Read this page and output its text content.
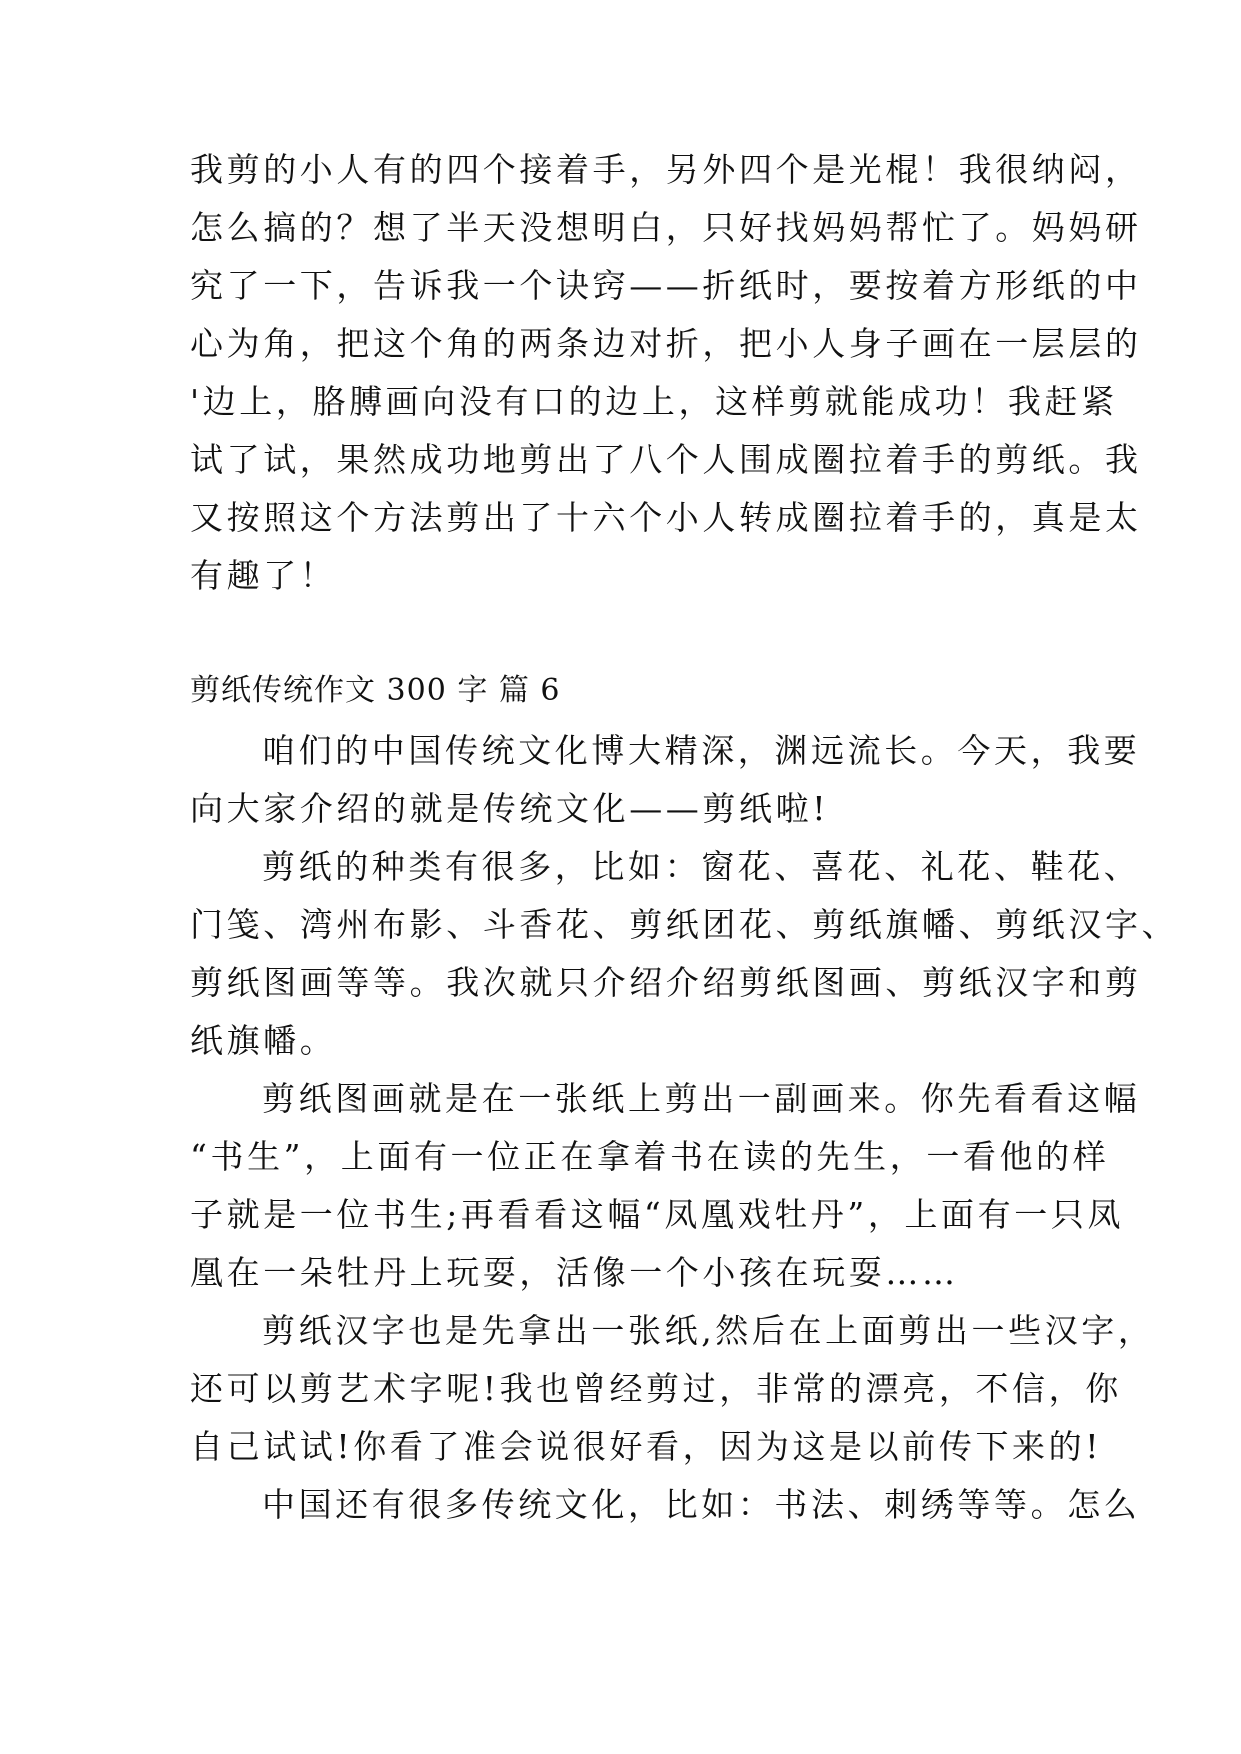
我剪的小人有的四个接着手，另外四个是光棍！我很纳闷，
怎么搞的？想了半天没想明白，只好找妈妈帮忙了。妈妈研
究了一下，告诉我一个诀窍——折纸时，要按着方形纸的中
心为角，把这个角的两条边对折，把小人身子画在一层层的
'边上，胳膊画向没有口的边上，这样剪就能成功！我赶紧
试了试，果然成功地剪出了八个人围成圈拉着手的剪纸。我
又按照这个方法剪出了十六个小人转成圈拉着手的，真是太
有趣了！
剪纸传统作文 300 字 篇 6
咱们的中国传统文化博大精深，渊远流长。今天，我要
向大家介绍的就是传统文化——剪纸啦!
剪纸的种类有很多，比如：窗花、喜花、礼花、鞋花、
门笺、湾州布影、斗香花、剪纸团花、剪纸旗幡、剪纸汉字、
剪纸图画等等。我次就只介绍介绍剪纸图画、剪纸汉字和剪
纸旗幡。
剪纸图画就是在一张纸上剪出一副画来。你先看看这幅
“书生”，上面有一位正在拿着书在读的先生，一看他的样
子就是一位书生;再看看这幅“凤凰戏牡丹”，上面有一只凤
凰在一朵牡丹上玩耍，活像一个小孩在玩耍……
剪纸汉字也是先拿出一张纸,然后在上面剪出一些汉字，
还可以剪艺术字呢!我也曾经剪过，非常的漂亮，不信，你
自己试试!你看了准会说很好看，因为这是以前传下来的!
中国还有很多传统文化，比如：书法、刺绣等等。怎么
